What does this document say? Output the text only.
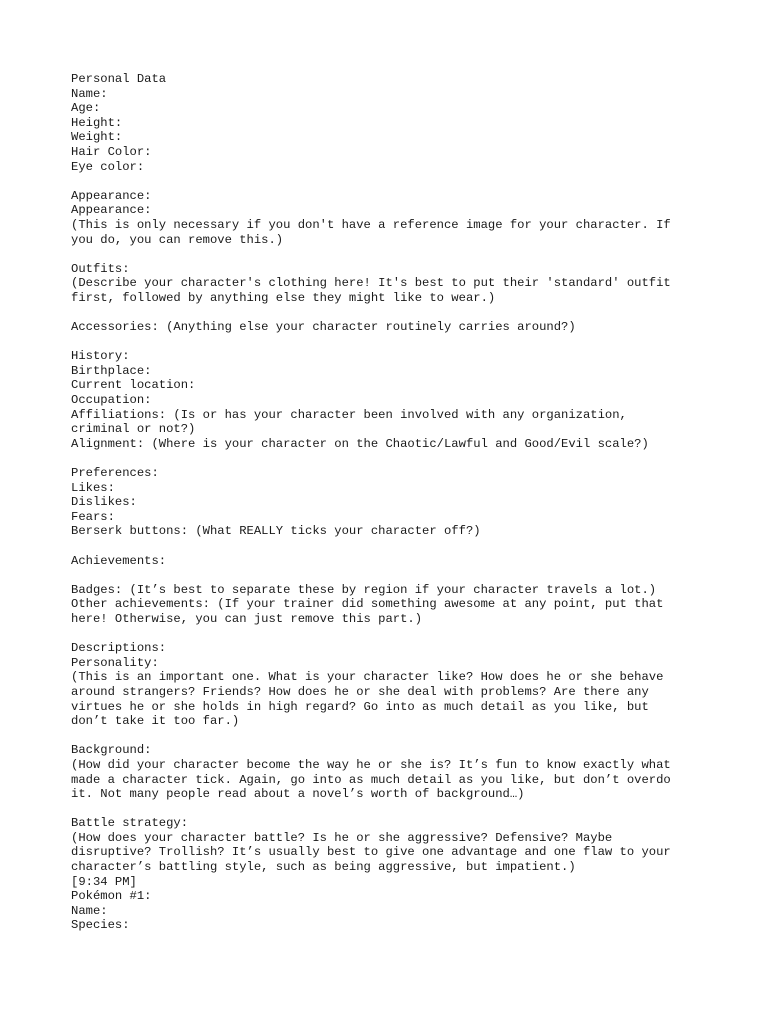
Personal Data
Name:
Age:
Height:
Weight:
Hair Color:
Eye color:
Appearance:
Appearance:
(This is only necessary if you don't have a reference image for your character. If
you do, you can remove this.)
Outfits:
(Describe your character's clothing here! It's best to put their 'standard' outfit
first, followed by anything else they might like to wear.)
Accessories: (Anything else your character routinely carries around?)
History:
Birthplace:
Current location:
Occupation:
Affiliations: (Is or has your character been involved with any organization,
criminal or not?)
Alignment: (Where is your character on the Chaotic/Lawful and Good/Evil scale?)
Preferences:
Likes:
Dislikes:
Fears:
Berserk buttons: (What REALLY ticks your character off?)
Achievements:
Badges: (It’s best to separate these by region if your character travels a lot.)
Other achievements: (If your trainer did something awesome at any point, put that
here! Otherwise, you can just remove this part.)
Descriptions:
Personality:
(This is an important one. What is your character like? How does he or she behave
around strangers? Friends? How does he or she deal with problems? Are there any
virtues he or she holds in high regard? Go into as much detail as you like, but
don’t take it too far.)
Background:
(How did your character become the way he or she is? It’s fun to know exactly what
made a character tick. Again, go into as much detail as you like, but don’t overdo
it. Not many people read about a novel’s worth of background…)
Battle strategy:
(How does your character battle? Is he or she aggressive? Defensive? Maybe
disruptive? Trollish? It’s usually best to give one advantage and one flaw to your
character’s battling style, such as being aggressive, but impatient.)
[9:34 PM]
Pokémon #1:
Name:
Species:
